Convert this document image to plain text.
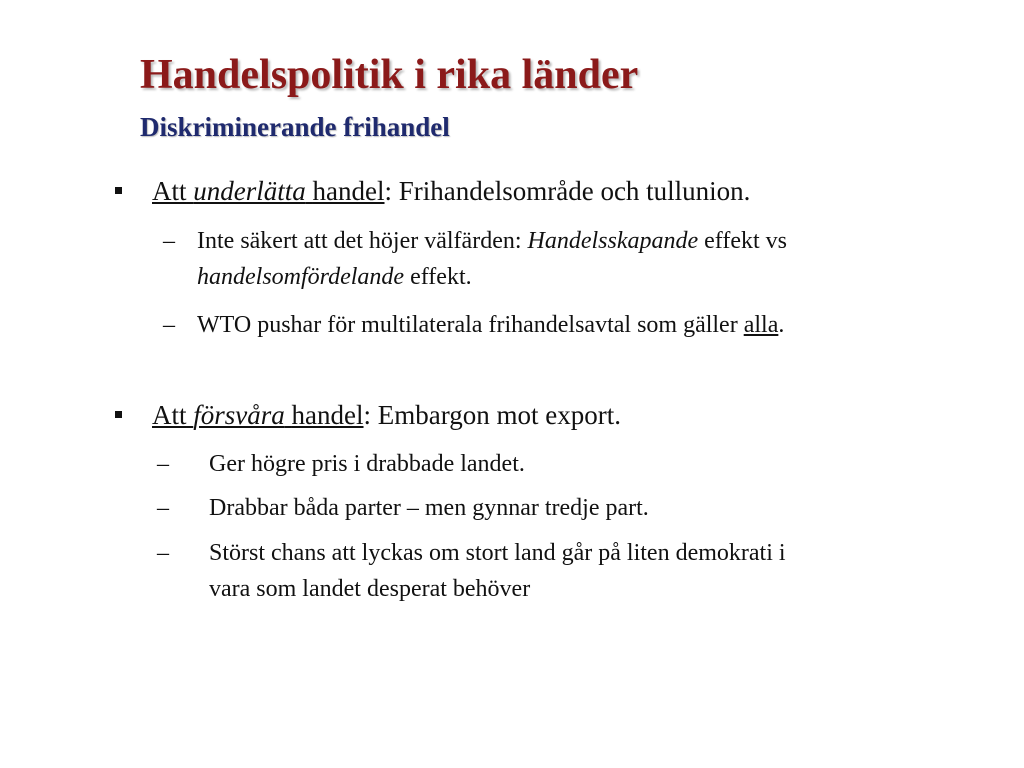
Handelspolitik i rika länder
Diskriminerande frihandel
Att underlätta handel: Frihandelsområde och tullunion.
– Inte säkert att det höjer välfärden: Handelsskapande effekt vs
handelsomfördelande effekt.
– WTO pushar för multilaterala frihandelsavtal som gäller alla.
Att försvåra handel: Embargon mot export.
– Ger högre pris i drabbade landet.
– Drabbar båda parter – men gynnar tredje part.
– Störst chans att lyckas om stort land går på liten demokrati i
vara som landet desperat behöver
